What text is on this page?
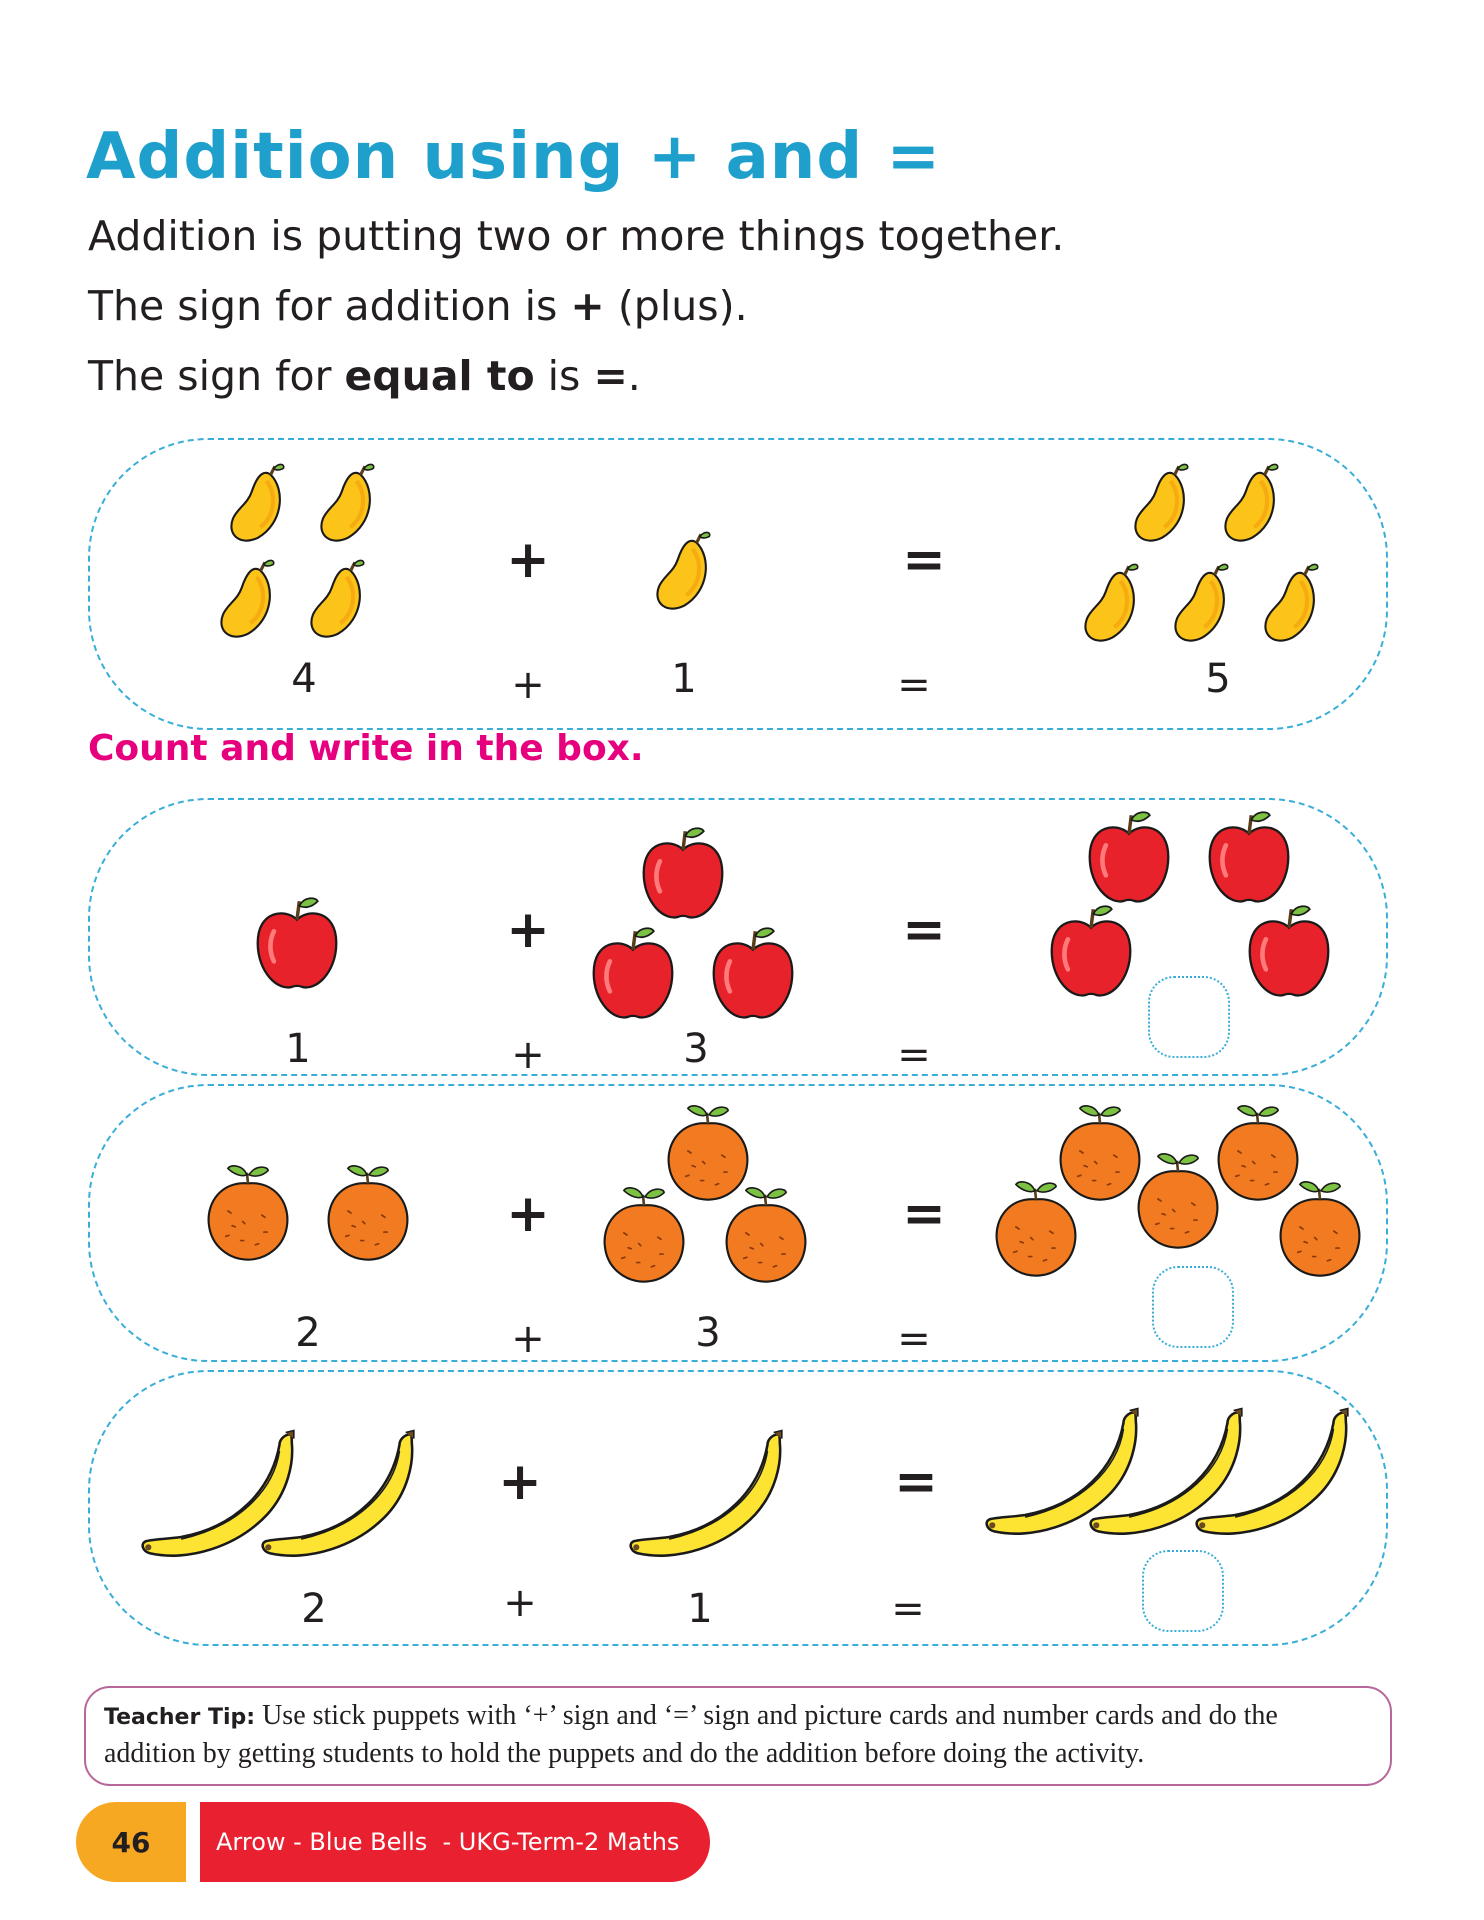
Addition using + and =

Addition is putting two or more things together.

The sign for addition is + (plus).

The sign for equal to is =.

+	=
4	+	1	=	5

Count and write in the box.

+	=
1	+	3	=
+	=
2	+	3	=
+	=
2	+	1	=
Teacher Tip: Use stick puppets with ‘+’ sign and ‘=’ sign and picture cards and number cards and do the addition by getting students to hold the puppets and do the addition before doing the activity.
46	Arrow - Blue Bells  - UKG-Term-2 Maths
